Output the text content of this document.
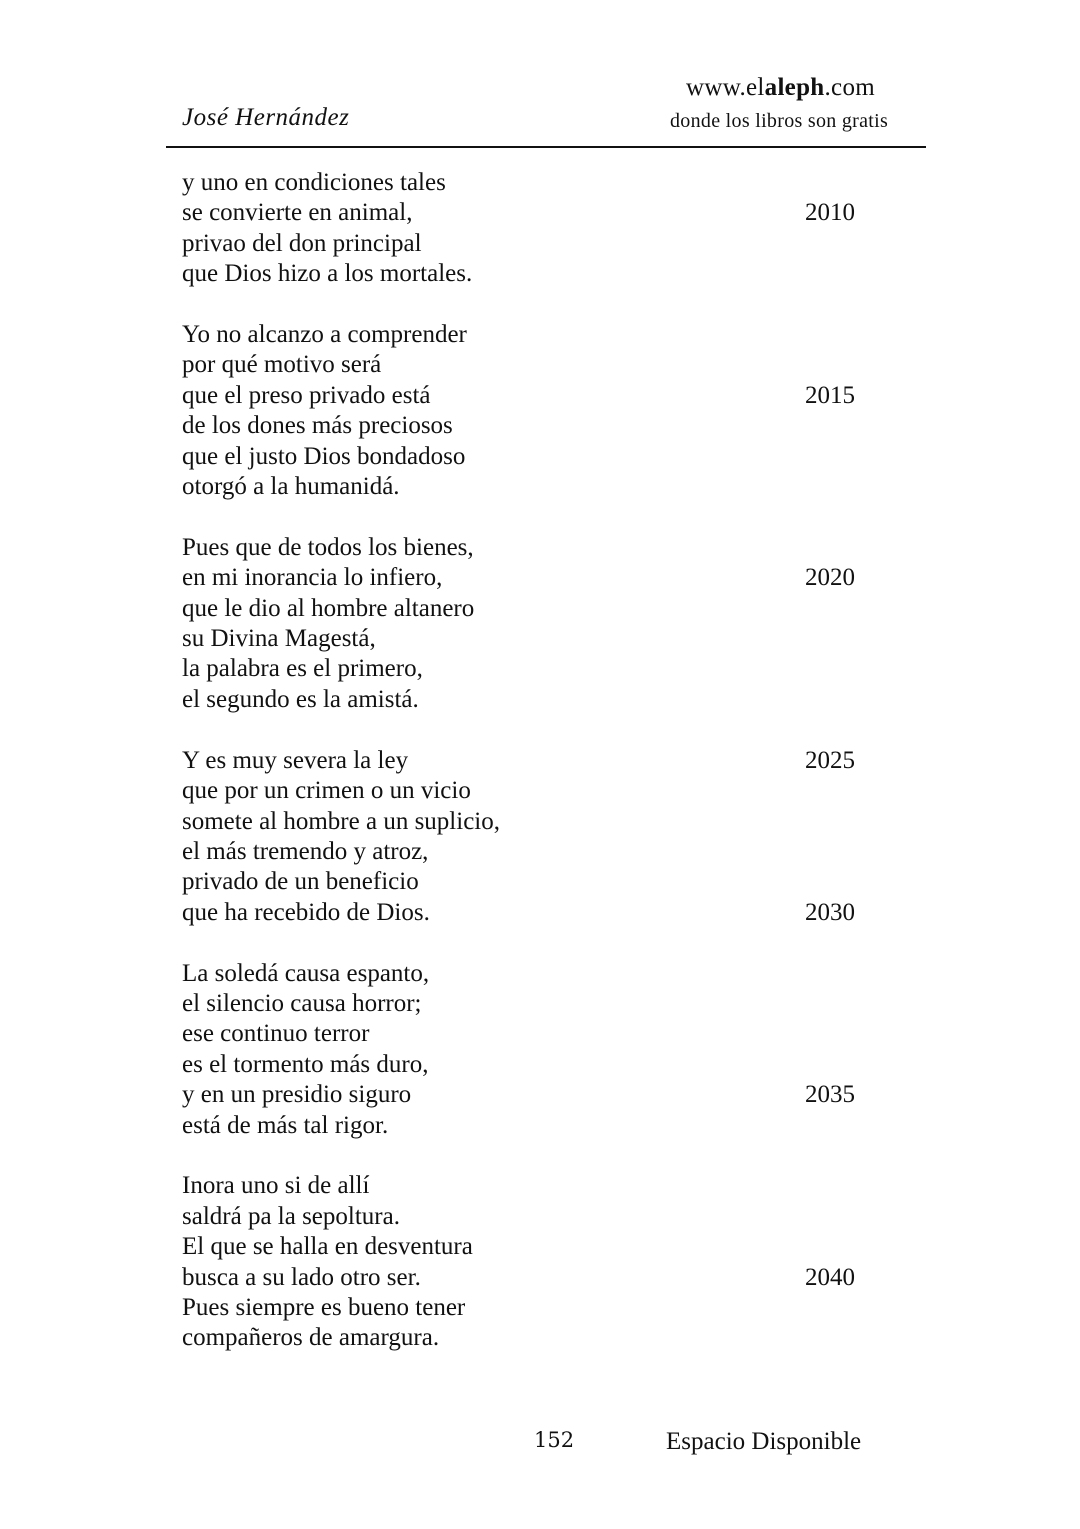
José Hernández
www.elaleph.com
donde los libros son gratis
y uno en condiciones tales
se convierte en animal,	2010
privao del don principal
que Dios hizo a los mortales.
Yo no alcanzo a comprender
por qué motivo será
que el preso privado está	2015
de los dones más preciosos
que el justo Dios bondadoso
otorgó a la humanidá.
Pues que de todos los bienes,
en mi inorancia lo infiero,	2020
que le dio al hombre altanero
su Divina Magestá,
la palabra es el primero,
el segundo es la amistá.
Y es muy severa la ley	2025
que por un crimen o un vicio
somete al hombre a un suplicio,
el más tremendo y atroz,
privado de un beneficio
que ha recebido de Dios.	2030
La soledá causa espanto,
el silencio causa horror;
ese continuo terror
es el tormento más duro,
y en un presidio siguro	2035
está de más tal rigor.
Inora uno si de allí
saldrá pa la sepoltura.
El que se halla en desventura
busca a su lado otro ser.	2040
Pues siempre es bueno tener
compañeros de amargura.
152	Espacio Disponible
